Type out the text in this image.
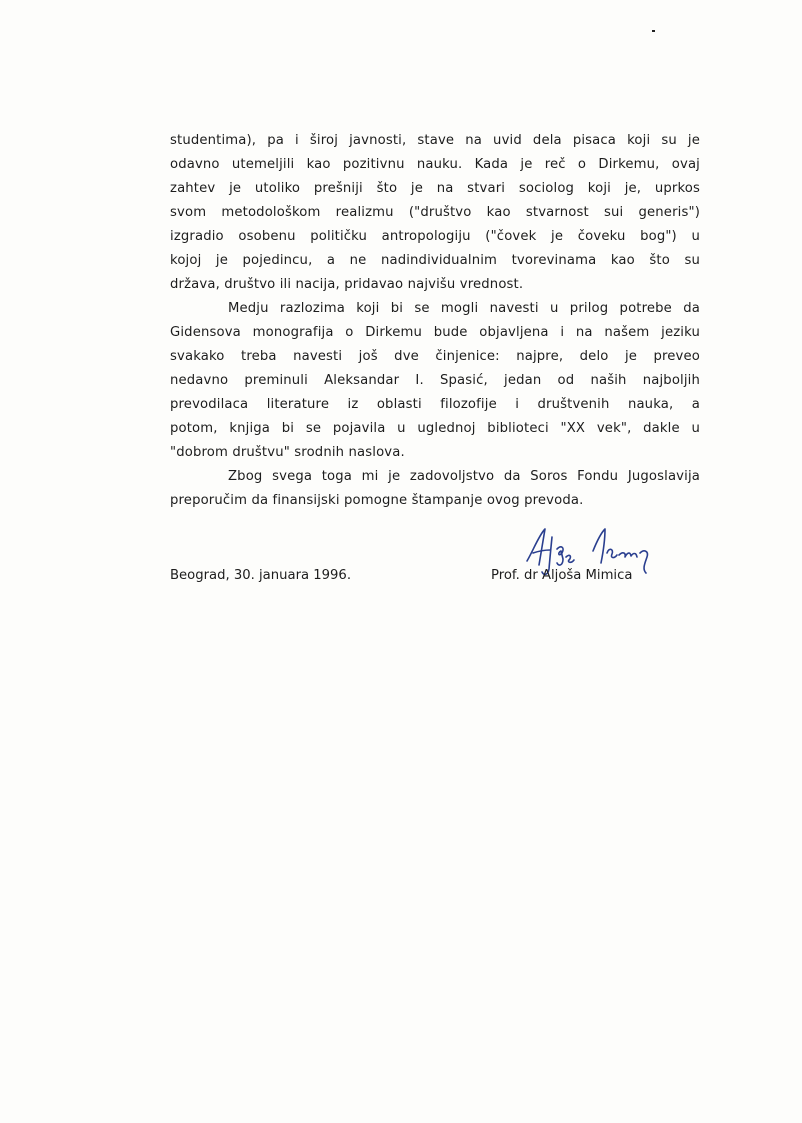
studentima), pa i široj javnosti, stave na uvid dela pisaca koji su je
odavno utemeljili kao pozitivnu nauku. Kada je reč o Dirkemu, ovaj
zahtev je utoliko prešniji što je na stvari sociolog koji je, uprkos
svom metodološkom realizmu ("društvo kao stvarnost sui generis")
izgradio osobenu političku antropologiju ("čovek je čoveku bog") u
kojoj je pojedincu, a ne nadindividualnim tvorevinama kao što su
država, društvo ili nacija, pridavao najvišu vrednost.
Medju razlozima koji bi se mogli navesti u prilog potrebe da
Gidensova monografija o Dirkemu bude objavljena i na našem jeziku
svakako treba navesti još dve činjenice: najpre, delo je preveo
nedavno preminuli Aleksandar I. Spasić, jedan od naših najboljih
prevodilaca literature iz oblasti filozofije i društvenih nauka, a
potom, knjiga bi se pojavila u uglednoj biblioteci "XX vek", dakle u
"dobrom društvu" srodnih naslova.
Zbog svega toga mi je zadovoljstvo da Soros Fondu Jugoslavija
preporučim da finansijski pomogne štampanje ovog prevoda.
Beograd, 30. januara 1996.	Prof. dr Aljoša Mimica
